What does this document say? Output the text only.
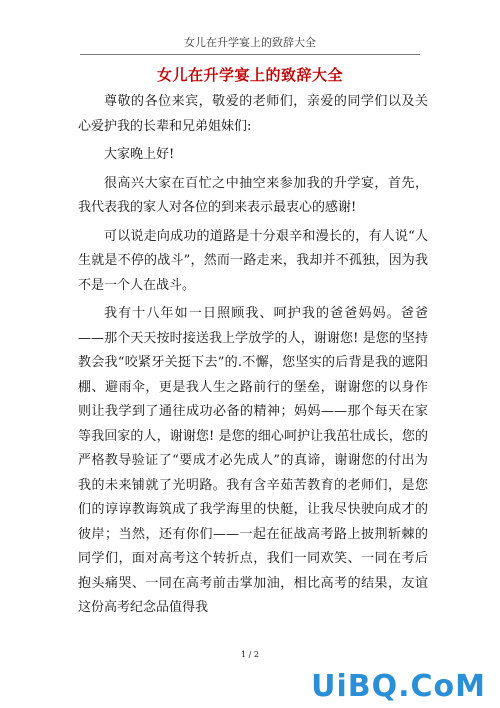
女儿在升学宴上的致辞大全
女儿在升学宴上的致辞大全

尊敬的各位来宾，敬爱的老师们，亲爱的同学们以及关心爱护我的长辈和兄弟姐妹们:

大家晚上好!

很高兴大家在百忙之中抽空来参加我的升学宴，首先，我代表我的家人对各位的到来表示最衷心的感谢!

可以说走向成功的道路是十分艰辛和漫长的，有人说“人生就是不停的战斗”，然而一路走来，我却并不孤独，因为我不是一个人在战斗。

我有十八年如一日照顾我、呵护我的爸爸妈妈。爸爸——那个天天按时接送我上学放学的人，谢谢您! 是您的坚持教会我“咬紧牙关挺下去”的.不懈，您坚实的后背是我的遮阳棚、避雨伞，更是我人生之路前行的堡垒，谢谢您的以身作则让我学到了通往成功必备的精神；妈妈——那个每天在家等我回家的人，谢谢您! 是您的细心呵护让我茁壮成长，您的严格教导验证了“要成才必先成人”的真谛，谢谢您的付出为我的未来铺就了光明路。我有含辛茹苦教育的老师们，是您们的谆谆教诲筑成了我学海里的快艇，让我尽快驶向成才的彼岸；当然，还有你们——一起在征战高考路上披荆斩棘的同学们，面对高考这个转折点，我们一同欢笑、一同在考后抱头痛哭、一同在高考前击掌加油，相比高考的结果，友谊这份高考纪念品值得我

1 / 2
UiBQ.CoM
